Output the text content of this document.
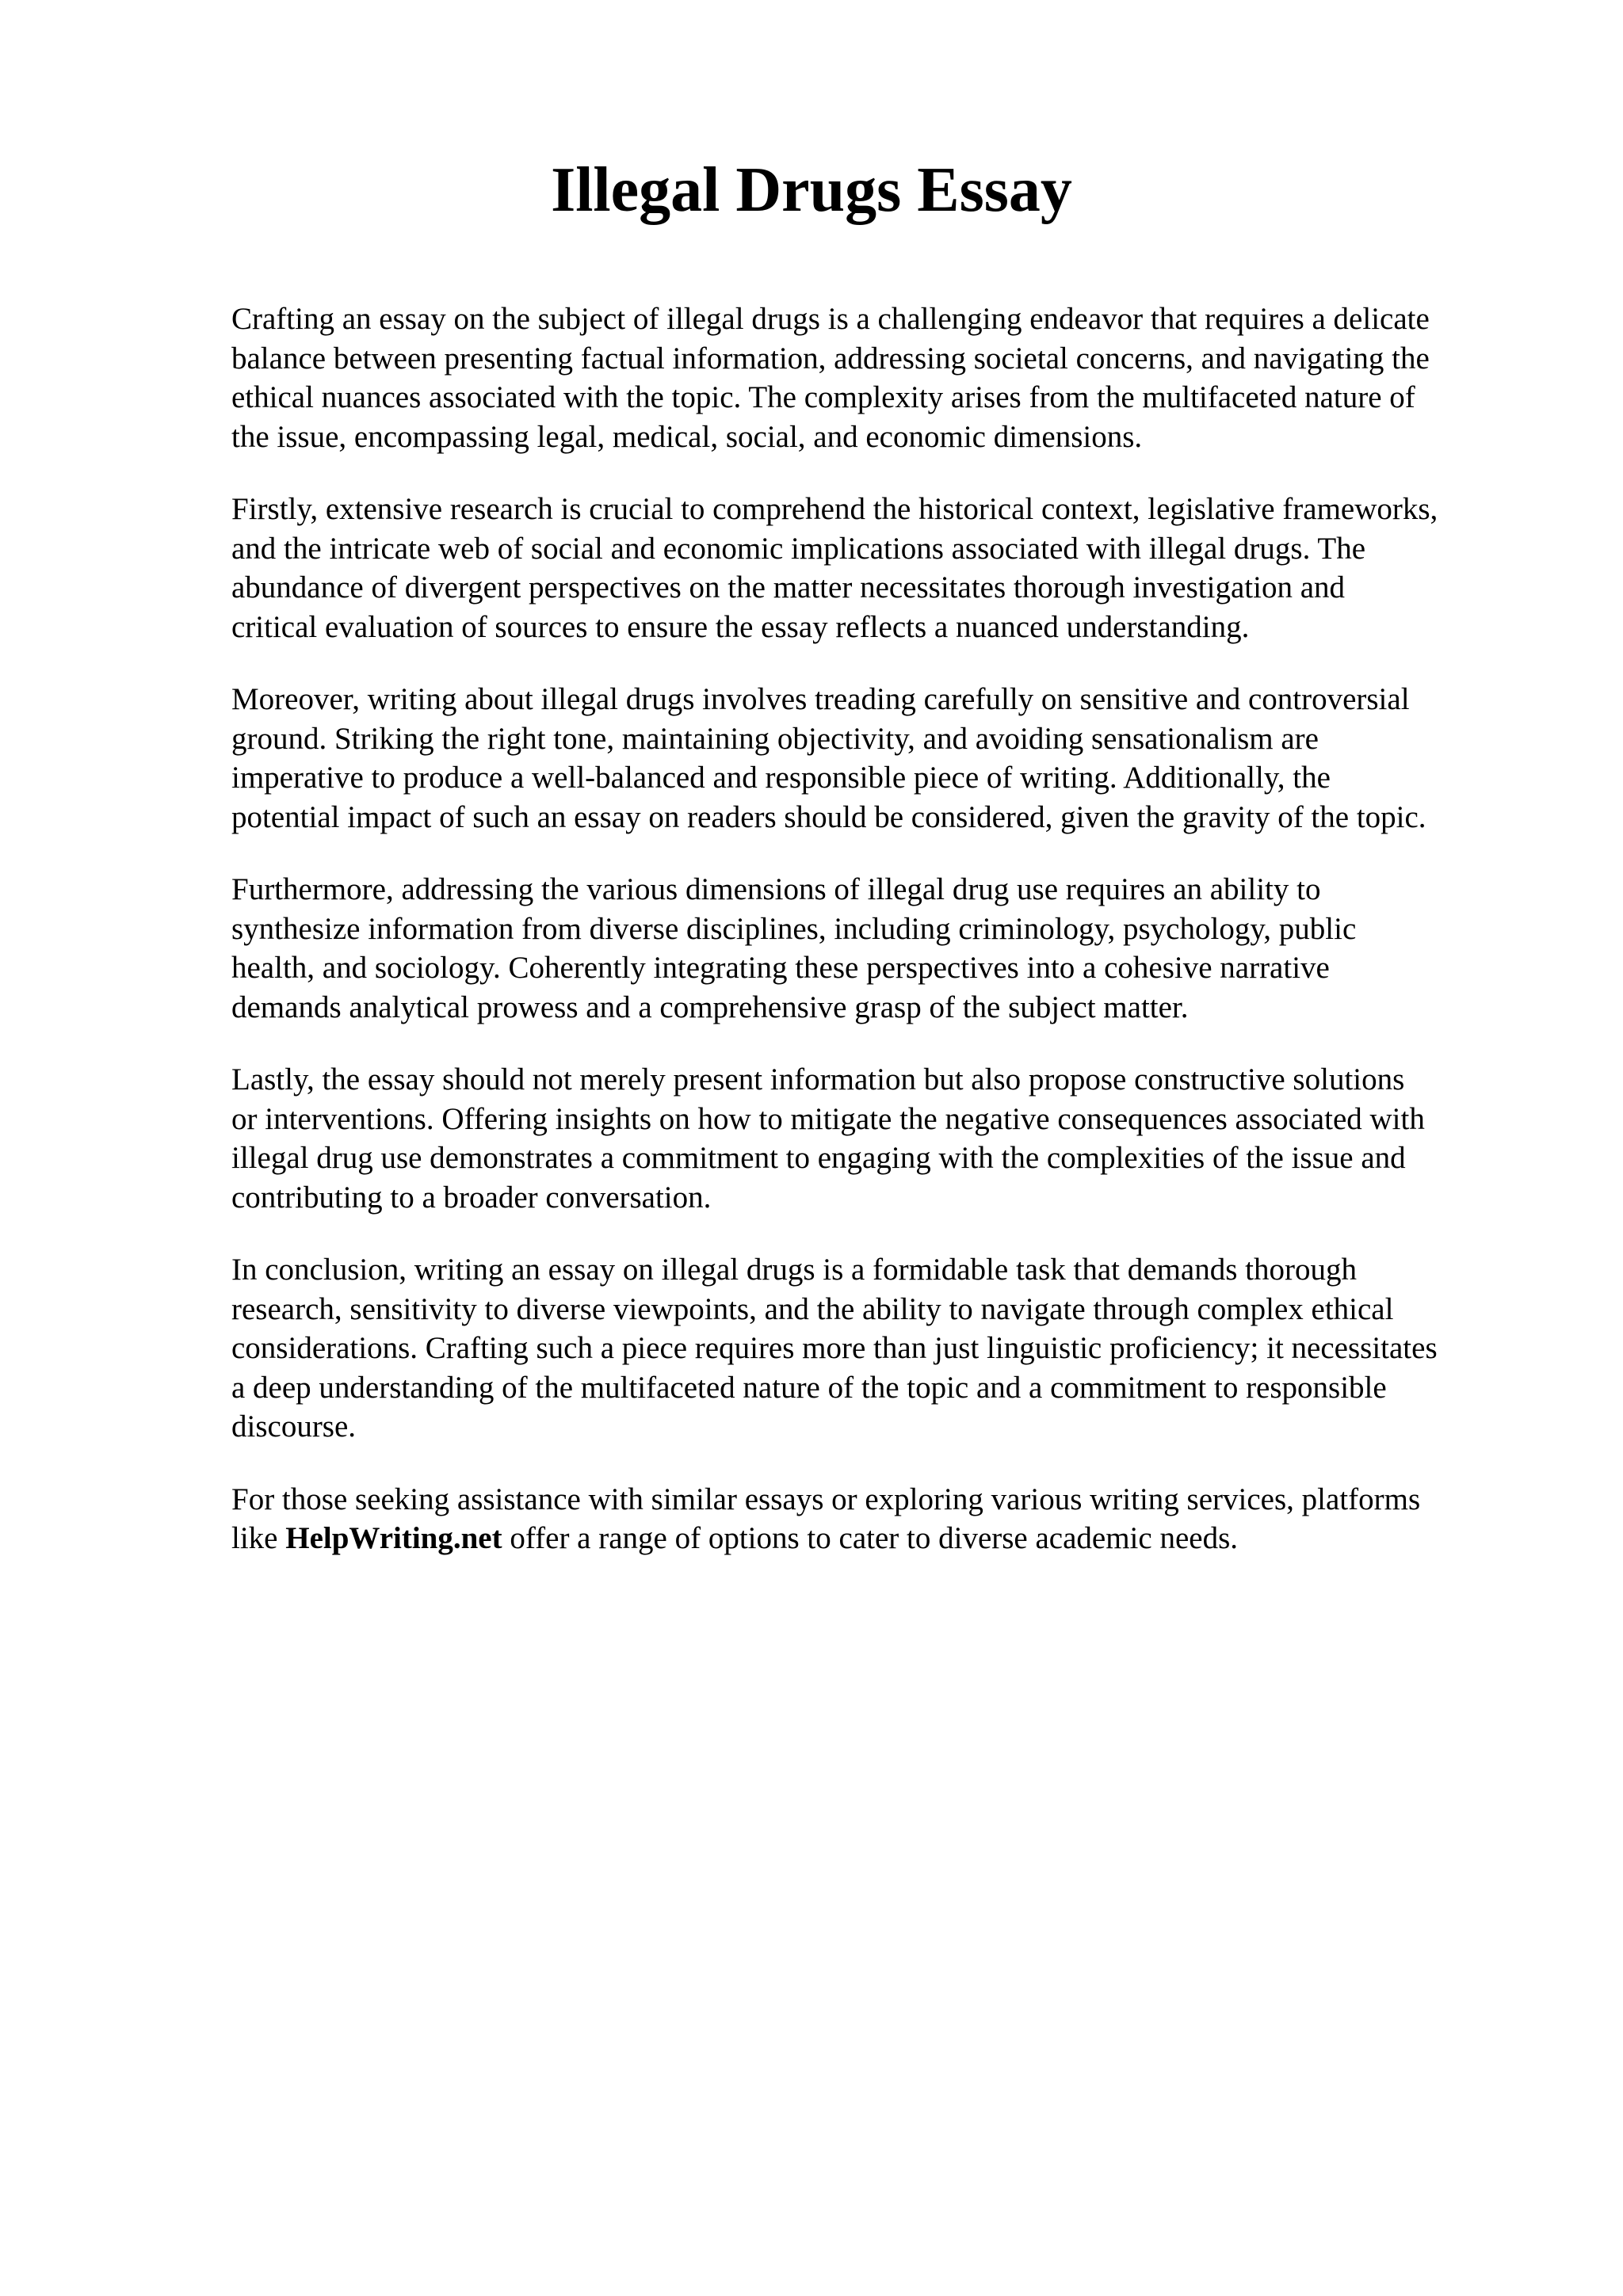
Illegal Drugs Essay

Crafting an essay on the subject of illegal drugs is a challenging endeavor that requires a delicate
balance between presenting factual information, addressing societal concerns, and navigating the
ethical nuances associated with the topic. The complexity arises from the multifaceted nature of
the issue, encompassing legal, medical, social, and economic dimensions.

Firstly, extensive research is crucial to comprehend the historical context, legislative frameworks,
and the intricate web of social and economic implications associated with illegal drugs. The
abundance of divergent perspectives on the matter necessitates thorough investigation and
critical evaluation of sources to ensure the essay reflects a nuanced understanding.

Moreover, writing about illegal drugs involves treading carefully on sensitive and controversial
ground. Striking the right tone, maintaining objectivity, and avoiding sensationalism are
imperative to produce a well-balanced and responsible piece of writing. Additionally, the
potential impact of such an essay on readers should be considered, given the gravity of the topic.

Furthermore, addressing the various dimensions of illegal drug use requires an ability to
synthesize information from diverse disciplines, including criminology, psychology, public
health, and sociology. Coherently integrating these perspectives into a cohesive narrative
demands analytical prowess and a comprehensive grasp of the subject matter.

Lastly, the essay should not merely present information but also propose constructive solutions
or interventions. Offering insights on how to mitigate the negative consequences associated with
illegal drug use demonstrates a commitment to engaging with the complexities of the issue and
contributing to a broader conversation.

In conclusion, writing an essay on illegal drugs is a formidable task that demands thorough
research, sensitivity to diverse viewpoints, and the ability to navigate through complex ethical
considerations. Crafting such a piece requires more than just linguistic proficiency; it necessitates
a deep understanding of the multifaceted nature of the topic and a commitment to responsible
discourse.

For those seeking assistance with similar essays or exploring various writing services, platforms
like HelpWriting.net offer a range of options to cater to diverse academic needs.
